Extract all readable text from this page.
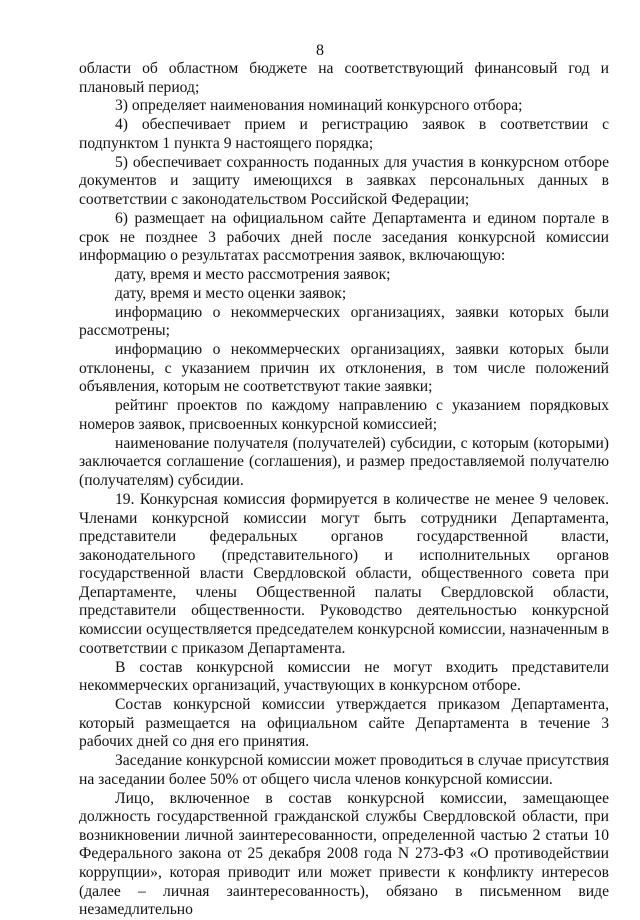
8

области об областном бюджете на соответствующий финансовый год и плановый период;

3) определяет наименования номинаций конкурсного отбора;

4) обеспечивает прием и регистрацию заявок в соответствии с подпунктом 1 пункта 9 настоящего порядка;

5) обеспечивает сохранность поданных для участия в конкурсном отборе документов и защиту имеющихся в заявках персональных данных в соответствии с законодательством Российской Федерации;

6) размещает на официальном сайте Департамента и едином портале в срок не позднее 3 рабочих дней после заседания конкурсной комиссии информацию о результатах рассмотрения заявок, включающую:

дату, время и место рассмотрения заявок;

дату, время и место оценки заявок;

информацию о некоммерческих организациях, заявки которых были рассмотрены;

информацию о некоммерческих организациях, заявки которых были отклонены, с указанием причин их отклонения, в том числе положений объявления, которым не соответствуют такие заявки;

рейтинг проектов по каждому направлению с указанием порядковых номеров заявок, присвоенных конкурсной комиссией;

наименование получателя (получателей) субсидии, с которым (которыми) заключается соглашение (соглашения), и размер предоставляемой получателю (получателям) субсидии.

19. Конкурсная комиссия формируется в количестве не менее 9 человек. Членами конкурсной комиссии могут быть сотрудники Департамента, представители федеральных органов государственной власти, законодательного (представительного) и исполнительных органов государственной власти Свердловской области, общественного совета при Департаменте, члены Общественной палаты Свердловской области, представители общественности. Руководство деятельностью конкурсной комиссии осуществляется председателем конкурсной комиссии, назначенным в соответствии с приказом Департамента.

В состав конкурсной комиссии не могут входить представители некоммерческих организаций, участвующих в конкурсном отборе.

Состав конкурсной комиссии утверждается приказом Департамента, который размещается на официальном сайте Департамента в течение 3 рабочих дней со дня его принятия.

Заседание конкурсной комиссии может проводиться в случае присутствия на заседании более 50% от общего числа членов конкурсной комиссии.

Лицо, включенное в состав конкурсной комиссии, замещающее должность государственной гражданской службы Свердловской области, при возникновении личной заинтересованности, определенной частью 2 статьи 10 Федерального закона от 25 декабря 2008 года N 273-ФЗ «О противодействии коррупции», которая приводит или может привести к конфликту интересов (далее – личная заинтересованность), обязано в письменном виде незамедлительно
